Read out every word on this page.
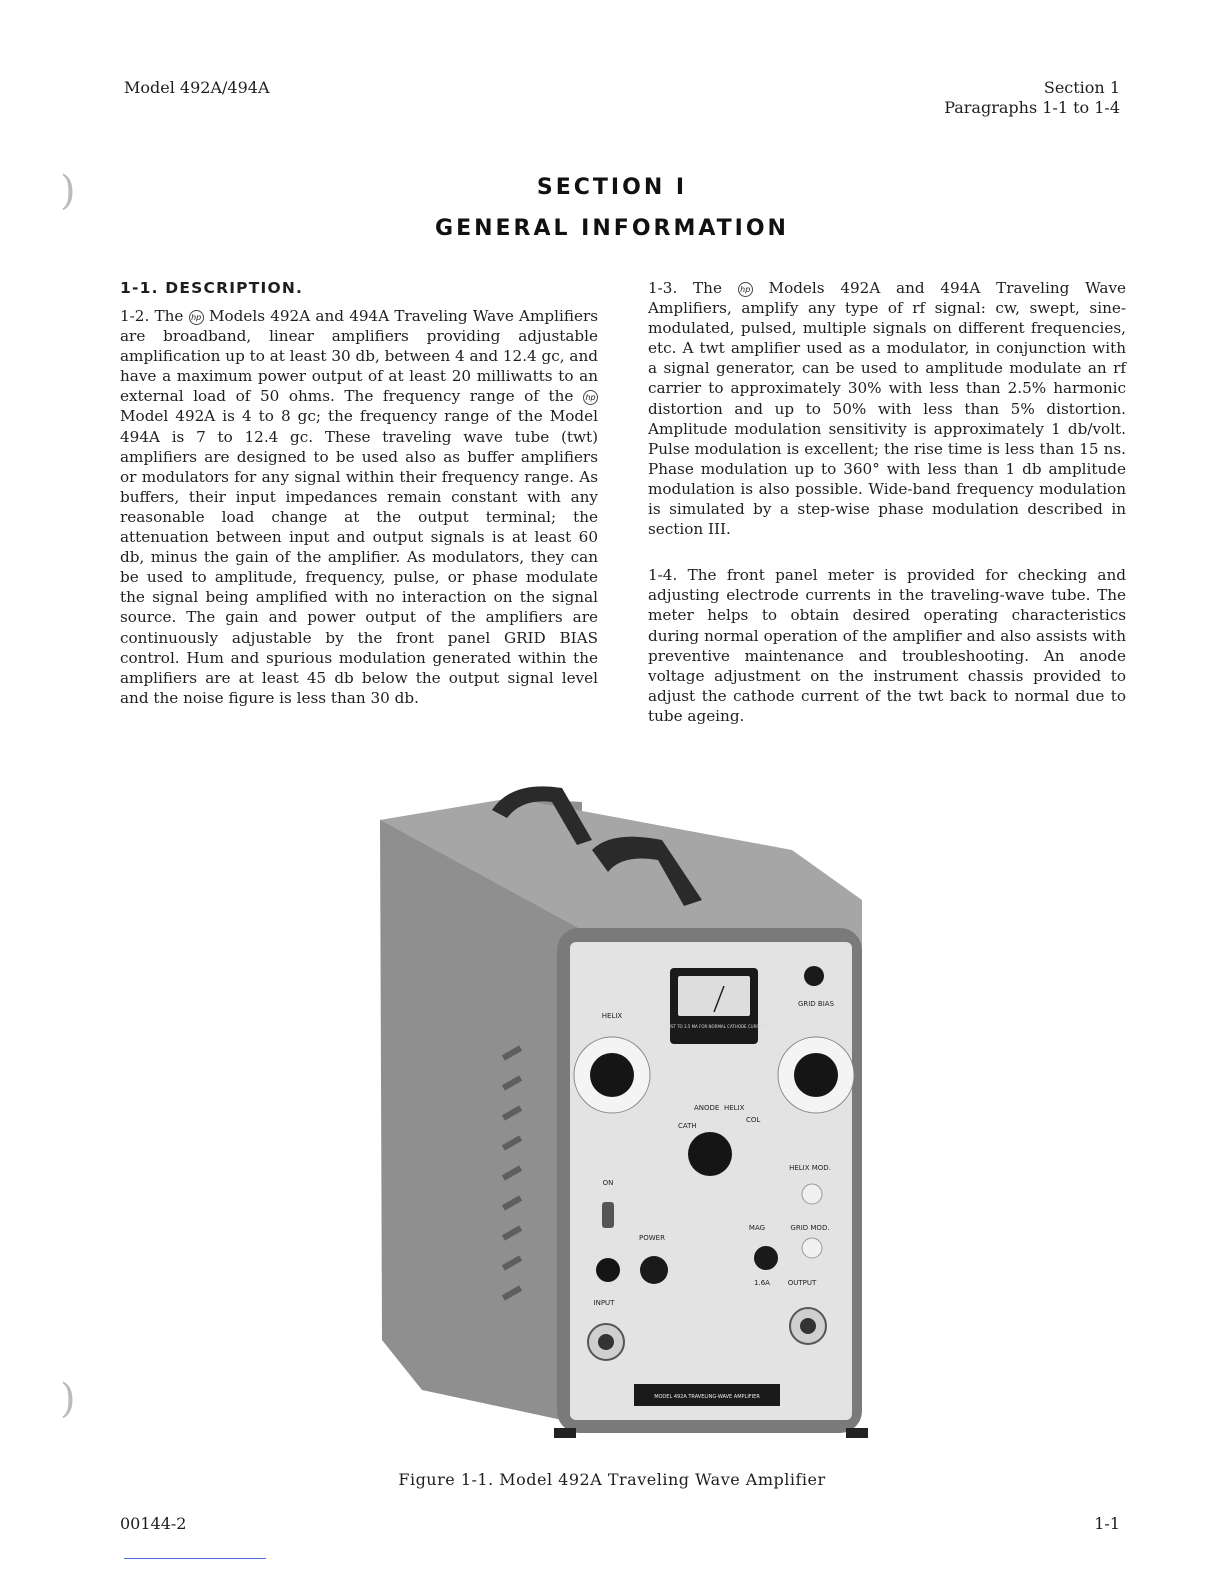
)
)
Model 492A/494A	Section 1
Paragraphs 1-1 to 1-4
SECTION I
GENERAL INFORMATION
1-1. DESCRIPTION.

1-2. The hp Models 492A and 494A Traveling Wave Amplifiers are broadband, linear amplifiers providing adjustable amplification up to at least 30 db, between 4 and 12.4 gc, and have a maximum power output of at least 20 milliwatts to an external load of 50 ohms. The frequency range of the hp Model 492A is 4 to 8 gc; the frequency range of the Model 494A is 7 to 12.4 gc. These traveling wave tube (twt) amplifiers are designed to be used also as buffer amplifiers or modulators for any signal within their frequency range. As buffers, their input impedances remain constant with any reasonable load change at the output terminal; the attenuation between input and output signals is at least 60 db, minus the gain of the amplifier. As modulators, they can be used to amplitude, frequency, pulse, or phase modulate the signal being amplified with no interaction on the signal source. The gain and power output of the amplifiers are continuously adjustable by the front panel GRID BIAS control. Hum and spurious modulation generated within the amplifiers are at least 45 db below the output signal level and the noise figure is less than 30 db.

1-3. The hp Models 492A and 494A Traveling Wave Amplifiers, amplify any type of rf signal: cw, swept, sine-modulated, pulsed, multiple signals on different frequencies, etc. A twt amplifier used as a modulator, in conjunction with a signal generator, can be used to amplitude modulate an rf carrier to approximately 30% with less than 2.5% harmonic distortion and up to 50% with less than 5% distortion. Amplitude modulation sensitivity is approximately 1 db/volt. Pulse modulation is excellent; the rise time is less than 15 ns. Phase modulation up to 360° with less than 1 db amplitude modulation is also possible. Wide-band frequency modulation is simulated by a step-wise phase modulation described in section III.

1-4. The front panel meter is provided for checking and adjusting electrode currents in the traveling-wave tube. The meter helps to obtain desired operating characteristics during normal operation of the amplifier and also assists with preventive maintenance and troubleshooting. An anode voltage adjustment on the instrument chassis provided to adjust the cathode current of the twt back to normal due to tube ageing.

ADJUST TO 3.5 MA FOR NORMAL CATHODE CURRENT
HELIX
GRID BIAS
CATH
ANODE HELIX
COL
ON
POWER
HELIX MOD.
MAG	GRID MOD.
1.6A	OUTPUT
INPUT
MODEL 492A TRAVELING-WAVE AMPLIFIER
Figure 1-1. Model 492A Traveling Wave Amplifier
00144-2	1-1
